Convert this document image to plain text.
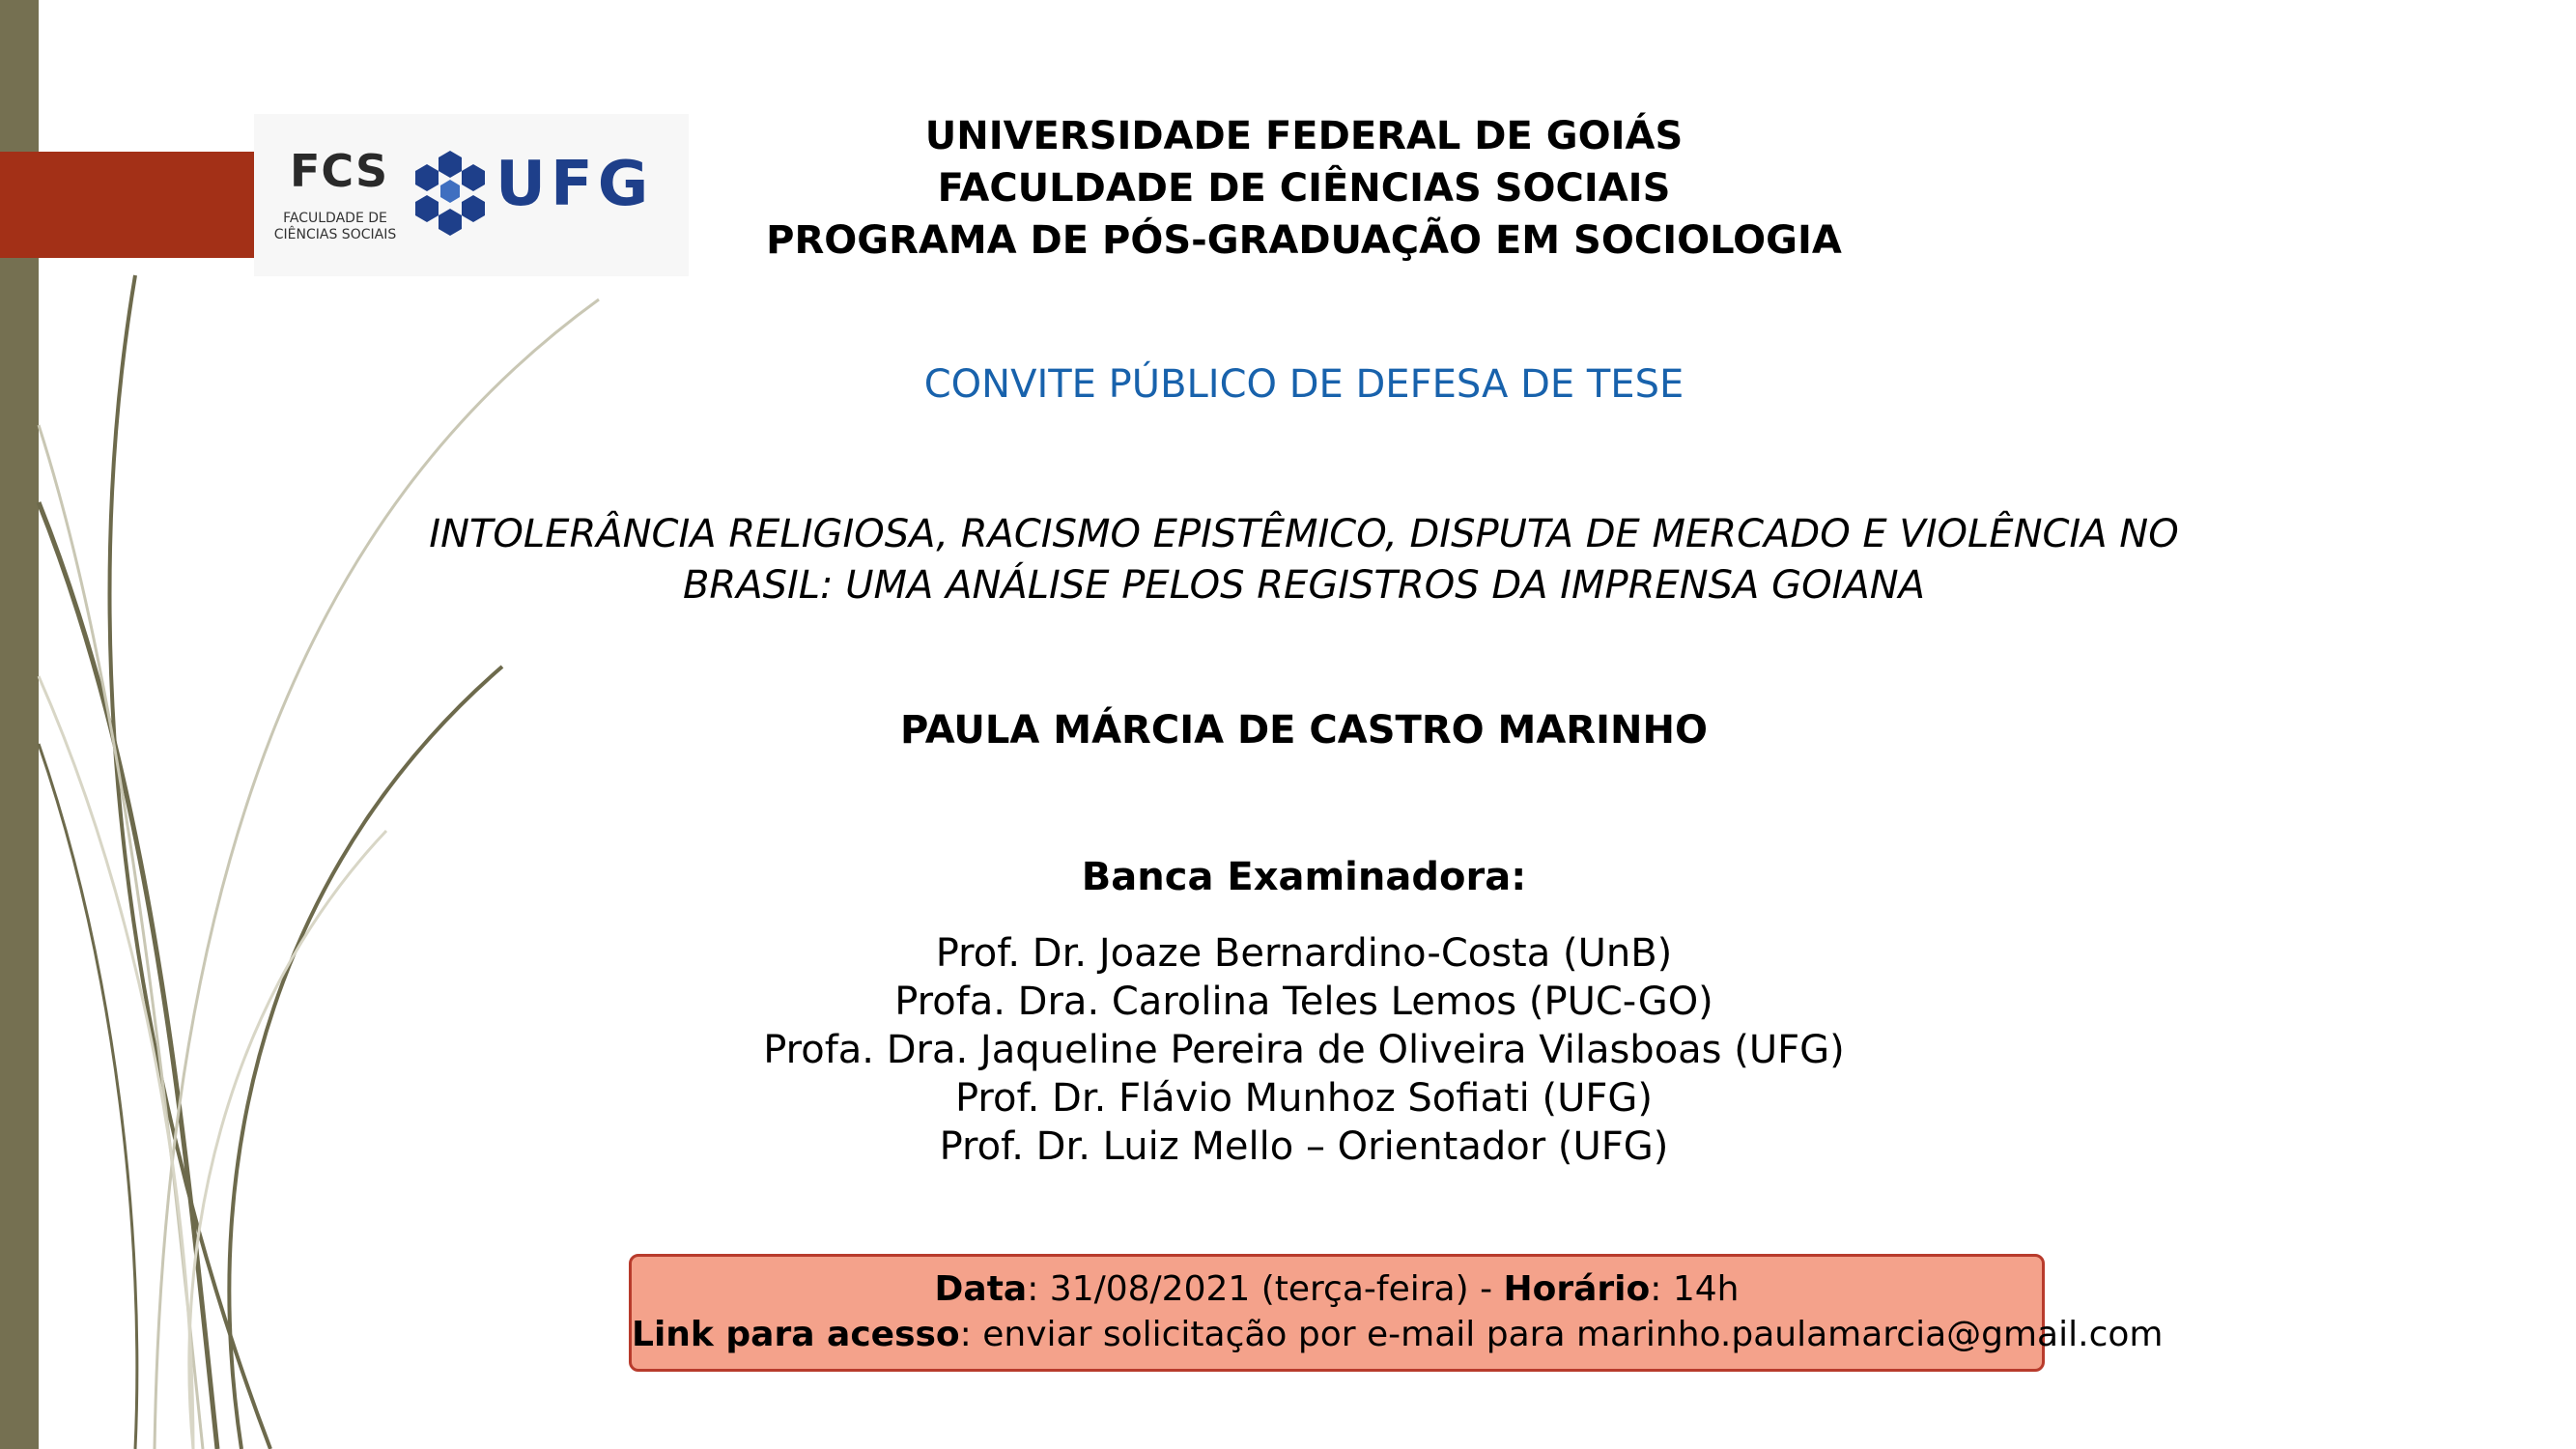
FCS
FACULDADE DE CIÊNCIAS SOCIAIS
UFG
UNIVERSIDADE FEDERAL DE GOIÁS
FACULDADE DE CIÊNCIAS SOCIAIS
PROGRAMA DE PÓS-GRADUAÇÃO EM SOCIOLOGIA
CONVITE PÚBLICO DE DEFESA DE TESE
INTOLERÂNCIA RELIGIOSA, RACISMO EPISTÊMICO, DISPUTA DE MERCADO E VIOLÊNCIA NO
BRASIL: UMA ANÁLISE PELOS REGISTROS DA IMPRENSA GOIANA
PAULA MÁRCIA DE CASTRO MARINHO
Banca Examinadora:
Prof. Dr. Joaze Bernardino-Costa (UnB)
Profa. Dra. Carolina Teles Lemos (PUC-GO)
Profa. Dra. Jaqueline Pereira de Oliveira Vilasboas (UFG)
Prof. Dr. Flávio Munhoz Sofiati (UFG)
Prof. Dr. Luiz Mello – Orientador (UFG)
Data: 31/08/2021 (terça-feira) - Horário: 14h
Link para acesso: enviar solicitação por e-mail para marinho.paulamarcia@gmail.com
